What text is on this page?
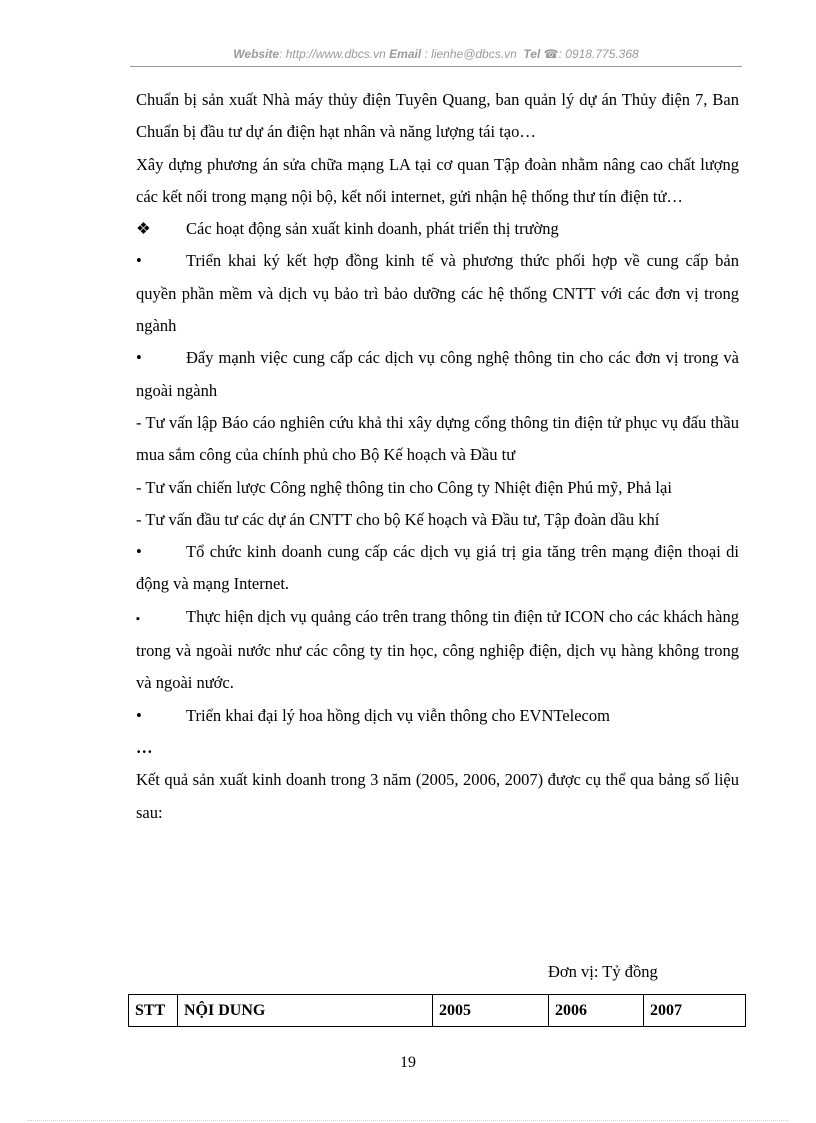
Website: http://www.dbcs.vn Email : lienhe@dbcs.vn Tel ☎: 0918.775.368

Chuẩn bị sản xuất Nhà máy thủy điện Tuyên Quang, ban quản lý dự án Thủy điện 7, Ban Chuẩn bị đầu tư dự án điện hạt nhân và năng lượng tái tạo…

Xây dựng phương án sửa chữa mạng LA tại cơ quan Tập đoàn nhằm nâng cao chất lượng các kết nối trong mạng nội bộ, kết nối internet, gửi nhận hệ thống thư tín điện tử…

❖	Các hoạt động sản xuất kinh doanh, phát triển thị trường

•	Triển khai ký kết hợp đồng kinh tế và phương thức phối hợp về cung cấp bản quyền phần mềm và dịch vụ bảo trì bảo dưỡng các hệ thống CNTT với các đơn vị trong ngành

•	Đẩy mạnh việc cung cấp các dịch vụ công nghệ thông tin cho các đơn vị trong và ngoài ngành

- Tư vấn lập Báo cáo nghiên cứu khả thi xây dựng cổng thông tin điện tử phục vụ đấu thầu mua sắm công của chính phủ cho Bộ Kế hoạch và Đầu tư

- Tư vấn chiến lược Công nghệ thông tin cho Công ty Nhiệt điện Phú mỹ, Phả lại

- Tư vấn đầu tư các dự án CNTT cho bộ Kế hoạch và Đầu tư, Tập đoàn dầu khí

•	Tổ chức kinh doanh cung cấp các dịch vụ giá trị gia tăng trên mạng điện thoại di động và mạng Internet.

▪	Thực hiện dịch vụ quảng cáo trên trang thông tin điện tử ICON cho các khách hàng trong và ngoài nước như các công ty tin học, công nghiệp điện, dịch vụ hàng không trong và ngoài nước.

•	Triển khai đại lý hoa hồng dịch vụ viễn thông cho EVNTelecom

…

Kết quả sản xuất kinh doanh trong 3 năm (2005, 2006, 2007) được cụ thể qua bảng số liệu sau:

Đơn vị: Tỷ đồng
STT	NỘI DUNG	2005	2006	2007
19
